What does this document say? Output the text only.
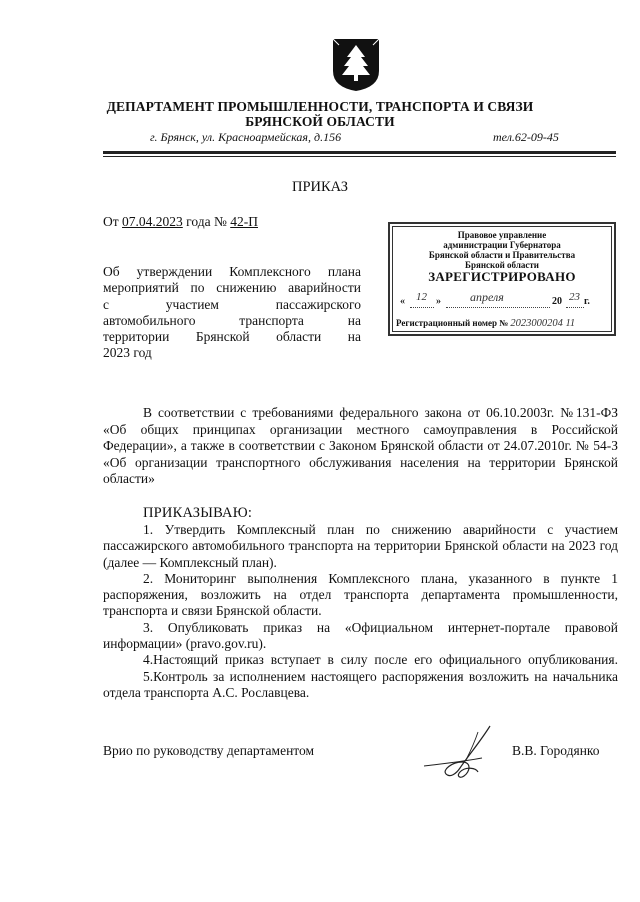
ДЕПАРТАМЕНТ ПРОМЫШЛЕННОСТИ, ТРАНСПОРТА И СВЯЗИ
БРЯНСКОЙ ОБЛАСТИ
г. Брянск, ул. Красноармейская, д.156	тел.62-09-45
ПРИКАЗ
От 07.04.2023 года № 42-П
Об утверждении Комплексного плана
мероприятий по снижению аварийности
с участием пассажирского
автомобильного транспорта на
территории Брянской области на
2023 год
Правовое управление
администрации Губернатора
Брянской области и Правительства
Брянской области
ЗАРЕГИСТРИРОВАНО
« 12 » апреля	20 23 г.
Регистрационный номер № 2023000204 11
В соответствии с требованиями федерального закона от 06.10.2003г. №131-ФЗ «Об общих принципах организации местного самоуправления в Российской Федерации», а также в соответствии с Законом Брянской области от 24.07.2010г. № 54-З «Об организации транспортного обслуживания населения на территории Брянской области»
ПРИКАЗЫВАЮ:

1. Утвердить Комплексный план по снижению аварийности с участием пассажирского автомобильного транспорта на территории Брянской области на 2023 год (далее — Комплексный план).

2. Мониторинг выполнения Комплексного плана, указанного в пункте 1 распоряжения, возложить на отдел транспорта департамента промышленности, транспорта и связи Брянской области.

3. Опубликовать приказ на «Официальном интернет-портале правовой информации» (pravo.gov.ru).

4.Настоящий приказ вступает в силу после его официального опубликования.

5.Контроль за исполнением настоящего распоряжения возложить на начальника отдела транспорта А.С. Рославцева.

Врио по руководству департаментом	В.В. Городянко
